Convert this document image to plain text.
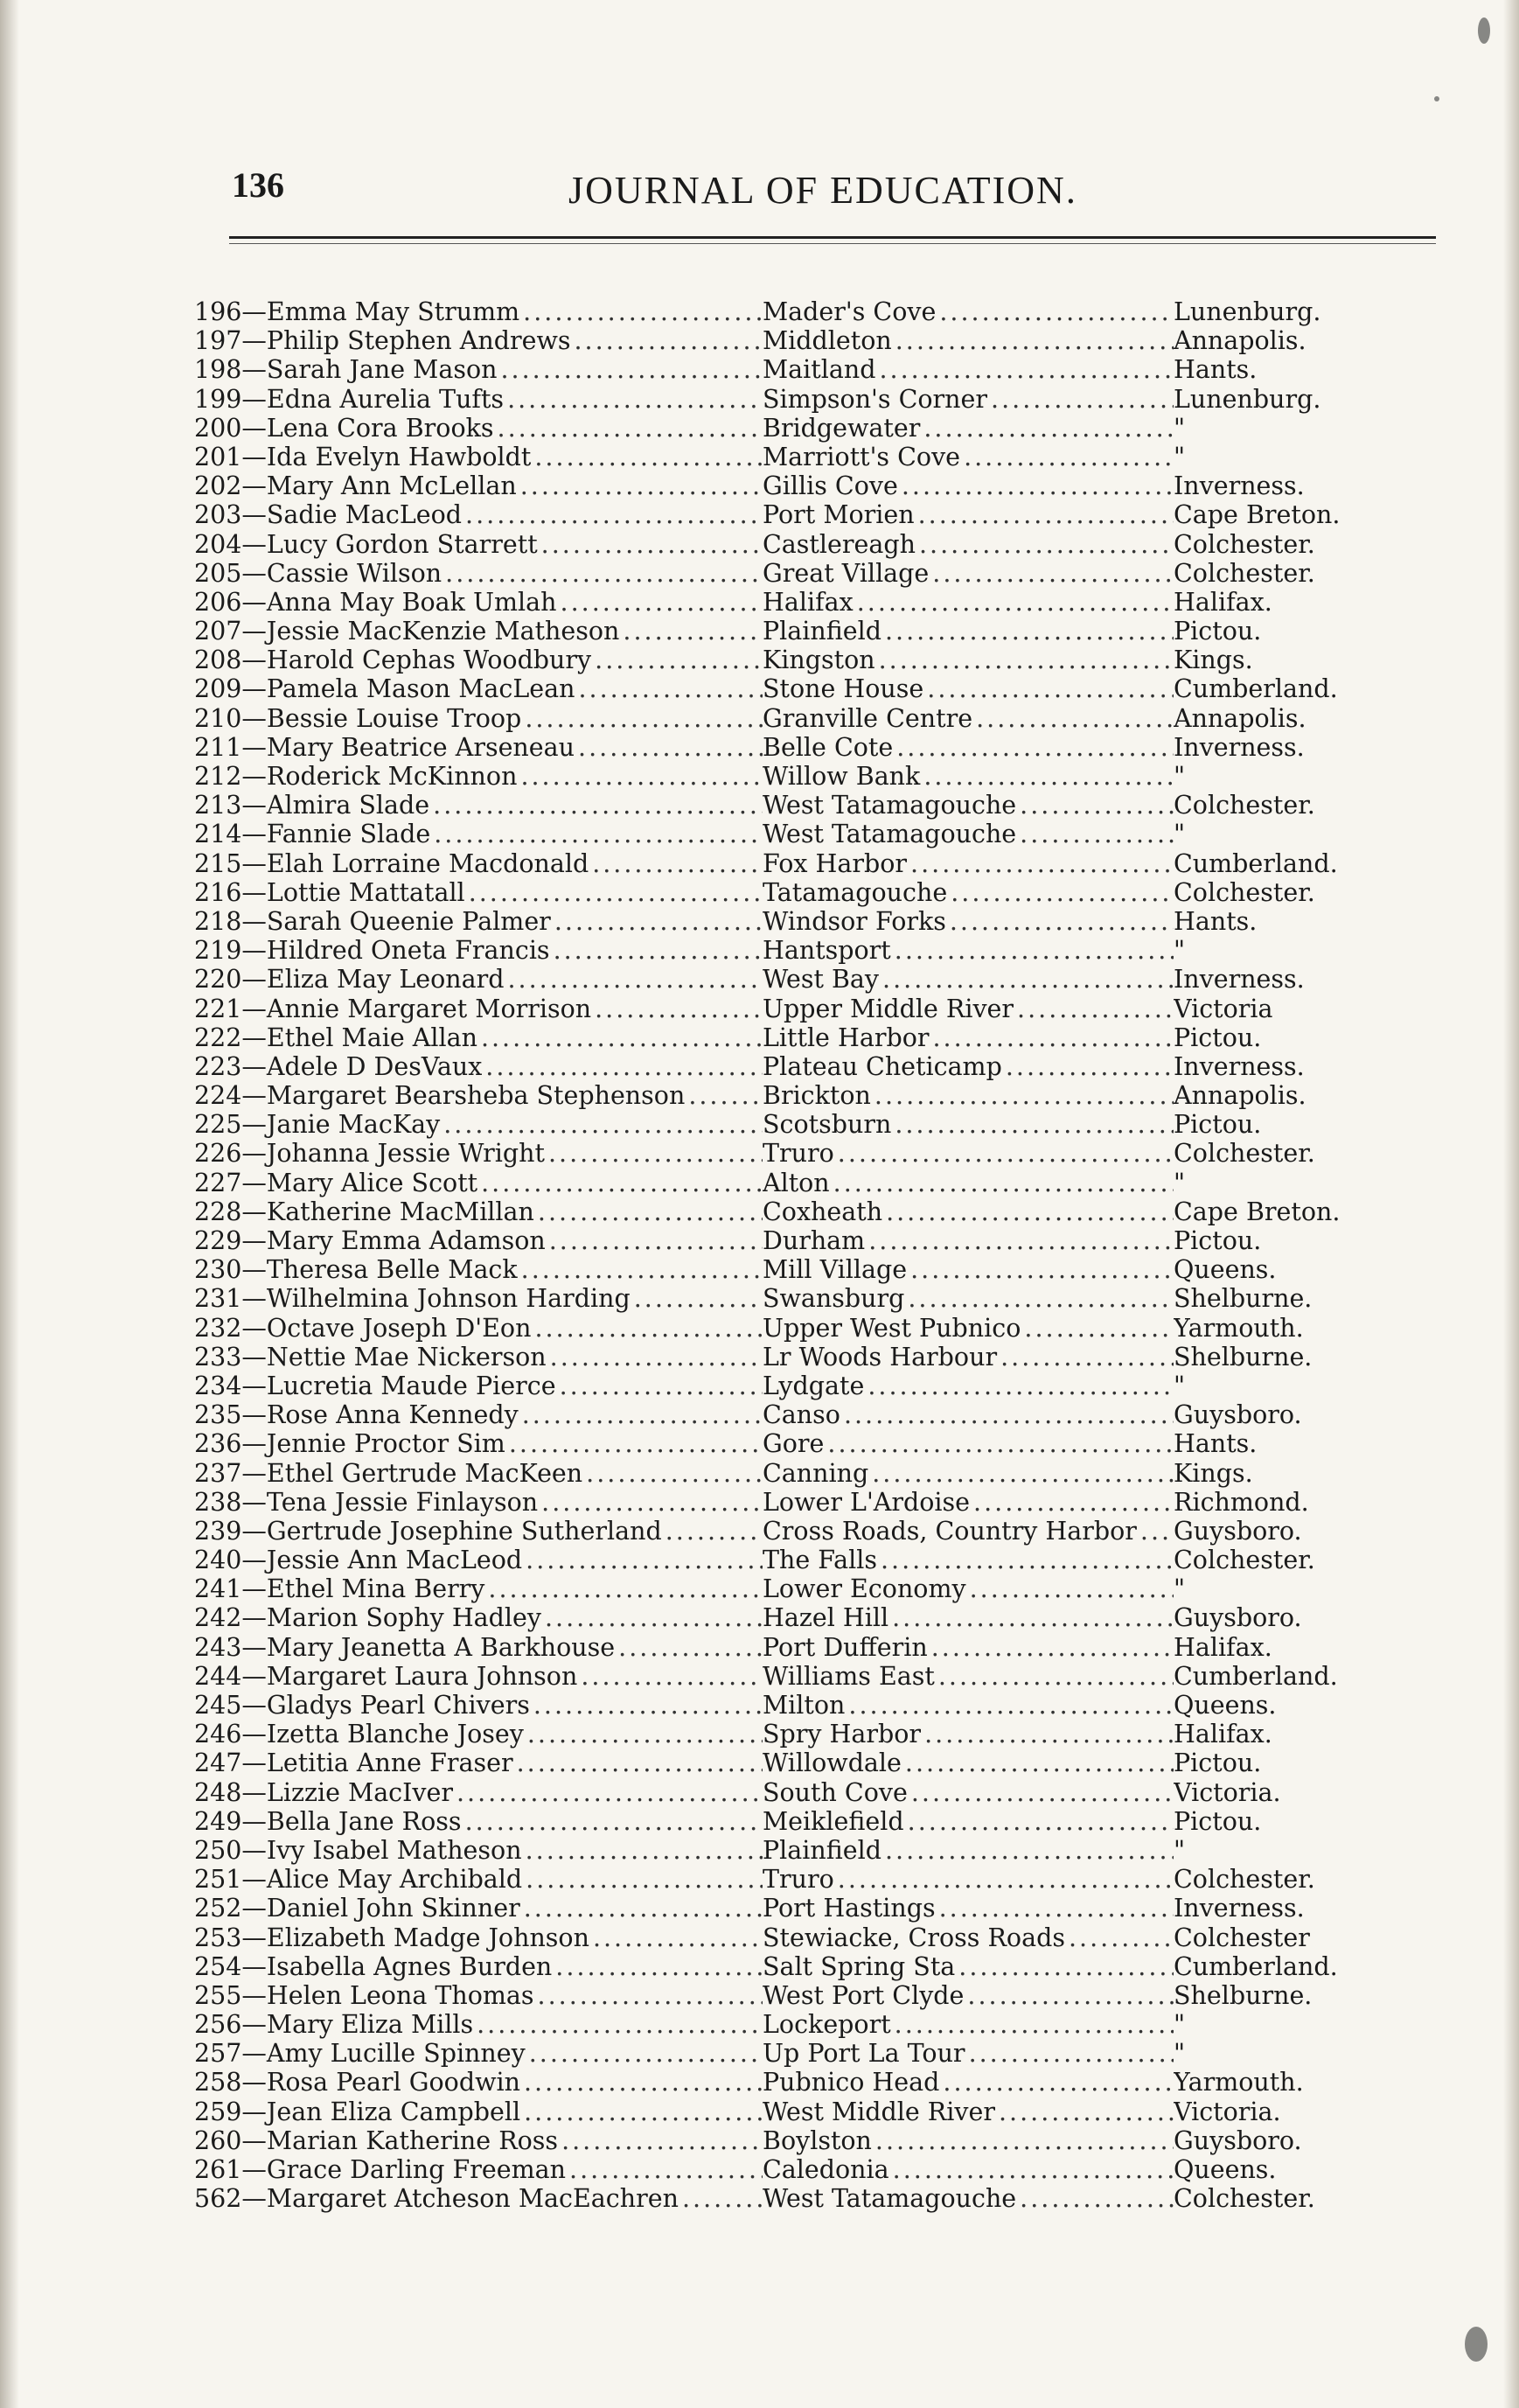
136	JOURNAL OF EDUCATION.
196—Emma May Strumm .....	Mader's Cove .....	Lunenburg.
197—Philip Stephen Andrews .....	Middleton .....	Annapolis.
198—Sarah Jane Mason .....	Maitland .....	Hants.
199—Edna Aurelia Tufts .....	Simpson's Corner .....	Lunenburg.
200—Lena Cora Brooks .....	Bridgewater .....	"
201—Ida Evelyn Hawboldt .....	Marriott's Cove .....	"
202—Mary Ann McLellan .....	Gillis Cove .....	Inverness.
203—Sadie MacLeod .....	Port Morien .....	Cape Breton.
204—Lucy Gordon Starrett .....	Castlereagh .....	Colchester.
205—Cassie Wilson .....	Great Village .....	Colchester.
206—Anna May Boak Umlah .....	Halifax .....	Halifax.
207—Jessie MacKenzie Matheson .....	Plainfield .....	Pictou.
208—Harold Cephas Woodbury .....	Kingston .....	Kings.
209—Pamela Mason MacLean .....	Stone House .....	Cumberland.
210—Bessie Louise Troop .....	Granville Centre .....	Annapolis.
211—Mary Beatrice Arseneau .....	Belle Cote .....	Inverness.
212—Roderick McKinnon .....	Willow Bank .....	"
213—Almira Slade .....	West Tatamagouche .....	Colchester.
214—Fannie Slade .....	West Tatamagouche .....	"
215—Elah Lorraine Macdonald .....	Fox Harbor .....	Cumberland.
216—Lottie Mattatall .....	Tatamagouche .....	Colchester.
218—Sarah Queenie Palmer .....	Windsor Forks .....	Hants.
219—Hildred Oneta Francis .....	Hantsport .....	"
220—Eliza May Leonard .....	West Bay .....	Inverness.
221—Annie Margaret Morrison .....	Upper Middle River .....	Victoria
222—Ethel Maie Allan .....	Little Harbor .....	Pictou.
223—Adele D DesVaux .....	Plateau Cheticamp .....	Inverness.
224—Margaret Bearsheba Stephenson .....	Brickton .....	Annapolis.
225—Janie MacKay .....	Scotsburn .....	Pictou.
226—Johanna Jessie Wright .....	Truro .....	Colchester.
227—Mary Alice Scott .....	Alton .....	"
228—Katherine MacMillan .....	Coxheath .....	Cape Breton.
229—Mary Emma Adamson .....	Durham .....	Pictou.
230—Theresa Belle Mack .....	Mill Village .....	Queens.
231—Wilhelmina Johnson Harding .....	Swansburg .....	Shelburne.
232—Octave Joseph D'Eon .....	Upper West Pubnico .....	Yarmouth.
233—Nettie Mae Nickerson .....	Lr Woods Harbour .....	Shelburne.
234—Lucretia Maude Pierce .....	Lydgate .....	"
235—Rose Anna Kennedy .....	Canso .....	Guysboro.
236—Jennie Proctor Sim .....	Gore .....	Hants.
237—Ethel Gertrude MacKeen .....	Canning .....	Kings.
238—Tena Jessie Finlayson .....	Lower L'Ardoise .....	Richmond.
239—Gertrude Josephine Sutherland .....	Cross Roads, Country Harbor ..... Guysboro.
240—Jessie Ann MacLeod .....	The Falls .....	Colchester.
241—Ethel Mina Berry .....	Lower Economy .....	"
242—Marion Sophy Hadley .....	Hazel Hill .....	Guysboro.
243—Mary Jeanetta A Barkhouse .....	Port Dufferin .....	Halifax.
244—Margaret Laura Johnson .....	Williams East .....	Cumberland.
245—Gladys Pearl Chivers .....	Milton .....	Queens.
246—Izetta Blanche Josey .....	Spry Harbor .....	Halifax.
247—Letitia Anne Fraser .....	Willowdale .....	Pictou.
248—Lizzie MacIver .....	South Cove .....	Victoria.
249—Bella Jane Ross .....	Meiklefield .....	Pictou.
250—Ivy Isabel Matheson .....	Plainfield .....	"
251—Alice May Archibald .....	Truro .....	Colchester.
252—Daniel John Skinner .....	Port Hastings .....	Inverness.
253—Elizabeth Madge Johnson .....	Stewiacke, Cross Roads .....	Colchester
254—Isabella Agnes Burden .....	Salt Spring Sta .....	Cumberland.
255—Helen Leona Thomas .....	West Port Clyde .....	Shelburne.
256—Mary Eliza Mills .....	Lockeport .....	"
257—Amy Lucille Spinney .....	Up Port La Tour .....	"
258—Rosa Pearl Goodwin .....	Pubnico Head .....	Yarmouth.
259—Jean Eliza Campbell .....	West Middle River .....	Victoria.
260—Marian Katherine Ross .....	Boylston .....	Guysboro.
261—Grace Darling Freeman .....	Caledonia .....	Queens.
562—Margaret Atcheson MacEachren .....	West Tatamagouche .....	Colchester.
